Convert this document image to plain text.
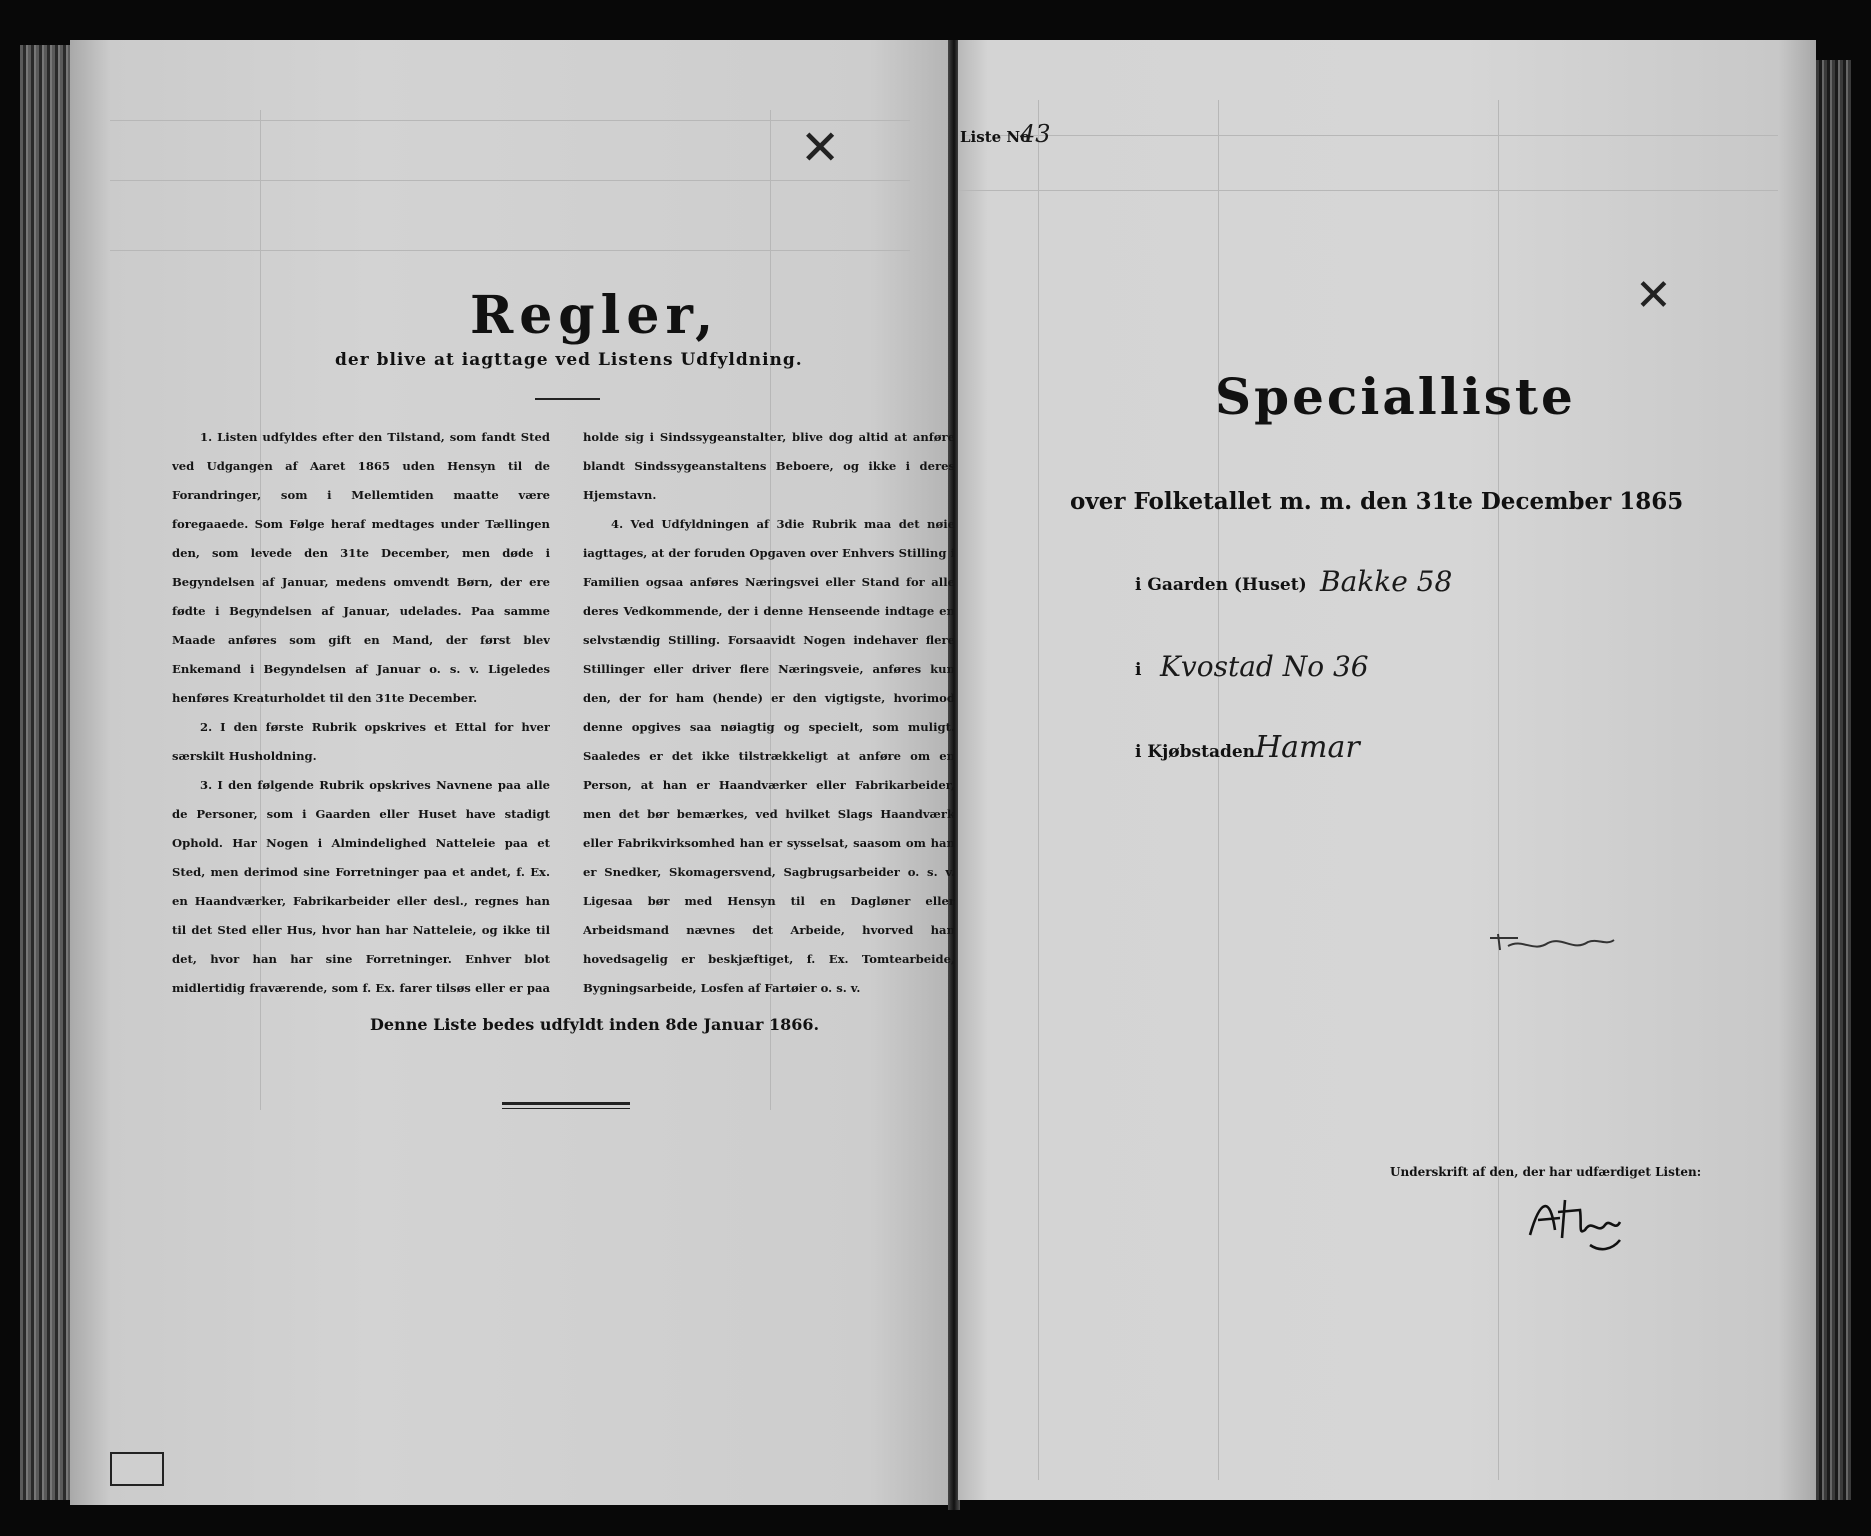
Regler,
der blive at iagttage ved Listens Udfyldning.

1. Listen udfyldes efter den Tilstand, som fandt Sted ved Udgangen af Aaret 1865 uden Hensyn til de Forandringer, som i Mellemtiden maatte være foregaaede. Som Følge heraf medtages under Tællingen den, som levede den 31te December, men døde i Begyndelsen af Januar, medens omvendt Børn, der ere fødte i Begyndelsen af Januar, udelades. Paa samme Maade anføres som gift en Mand, der først blev Enkemand i Begyndelsen af Januar o. s. v. Ligeledes henføres Kreaturholdet til den 31te December.

2. I den første Rubrik opskrives et Ettal for hver særskilt Husholdning.

3. I den følgende Rubrik opskrives Navnene paa alle de Personer, som i Gaarden eller Huset have stadigt Ophold. Har Nogen i Almindelighed Natteleie paa et Sted, men derimod sine Forretninger paa et andet, f. Ex. en Haandværker, Fabrikarbeider eller desl., regnes han til det Sted eller Hus, hvor han har Natteleie, og ikke til det, hvor han har sine Forretninger. Enhver blot midlertidig fraværende, som f. Ex. farer tilsøs eller er paa

holde sig i Sindssygeanstalter, blive dog altid at anføre blandt Sindssygeanstaltens Beboere, og ikke i deres Hjemstavn.

4. Ved Udfyldningen af 3die Rubrik maa det nøie iagttages, at der foruden Opgaven over Enhvers Stilling i Familien ogsaa anføres Næringsvei eller Stand for alle deres Vedkommende, der i denne Henseende indtage en selvstændig Stilling. Forsaavidt Nogen indehaver flere Stillinger eller driver flere Næringsveie, anføres kun den, der for ham (hende) er den vigtigste, hvorimod denne opgives saa nøiagtig og specielt, som muligt. Saaledes er det ikke tilstrækkeligt at anføre om en Person, at han er Haandværker eller Fabrikarbeider, men det bør bemærkes, ved hvilket Slags Haandværk eller Fabrikvirksomhed han er sysselsat, saasom om han er Snedker, Skomagersvend, Sagbrugsarbeider o. s. v. Ligesaa bør med Hensyn til en Dagløner eller Arbeidsmand nævnes det Arbeide, hvorved han hovedsagelig er beskjæftiget, f. Ex. Tomtearbeide, Bygningsarbeide, Losfen af Fartøier o. s. v.

Denne Liste bedes udfyldt inden 8de Januar 1866.
✕	Liste No
43
Specialliste
over Folketallet m. m. den 31te December 1865
i Gaarden (Huset) Bakke 58
i Kvostad No 36
i Kjøbstaden Hamar
✕
Underskrift af den, der har udfærdiget Listen:
